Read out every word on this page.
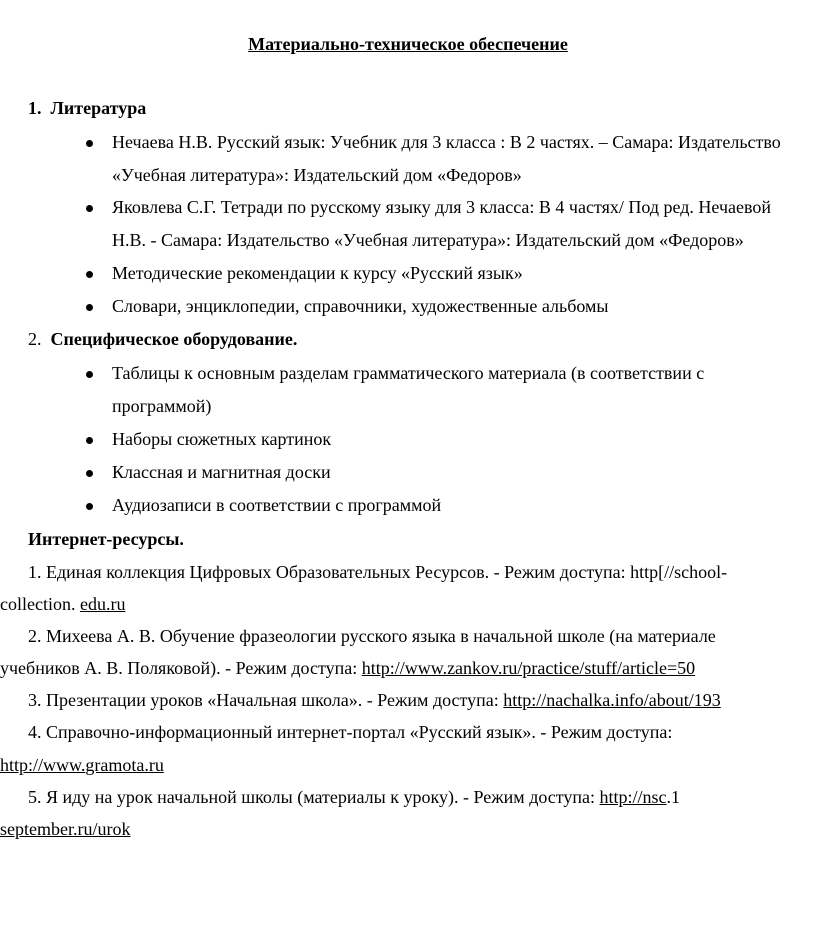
Материально-техническое обеспечение
1. Литература
Нечаева Н.В. Русский язык: Учебник для 3 класса : В 2 частях. – Самара: Издательство
«Учебная литература»: Издательский дом «Федоров»
Яковлева С.Г. Тетради по русскому языку для 3 класса: В 4 частях/ Под ред. Нечаевой
Н.В. - Самара: Издательство «Учебная литература»: Издательский дом «Федоров»
Методические рекомендации к курсу «Русский язык»
Словари, энциклопедии, справочники, художественные альбомы
2. Специфическое оборудование.
Таблицы к основным разделам грамматического материала (в соответствии с
программой)
Наборы сюжетных картинок
Классная и магнитная доски
Аудиозаписи в соответствии с программой
Интернет-ресурсы.
1. Единая коллекция Цифровых Образовательных Ресурсов. - Режим доступа: http[//school-
collection. edu.ru
2. Михеева А. В. Обучение фразеологии русского языка в начальной школе (на материале
учебников А. В. Поляковой). - Режим доступа: http://www.zankov.ru/practice/stuff/article=50
3. Презентации уроков «Начальная школа». - Режим доступа: http://nachalka.info/about/193
4. Справочно-информационный интернет-портал «Русский язык». - Режим доступа:
http://www.gramota.ru
5. Я иду на урок начальной школы (материалы к уроку). - Режим доступа: http://nsc.1
september.ru/urok
